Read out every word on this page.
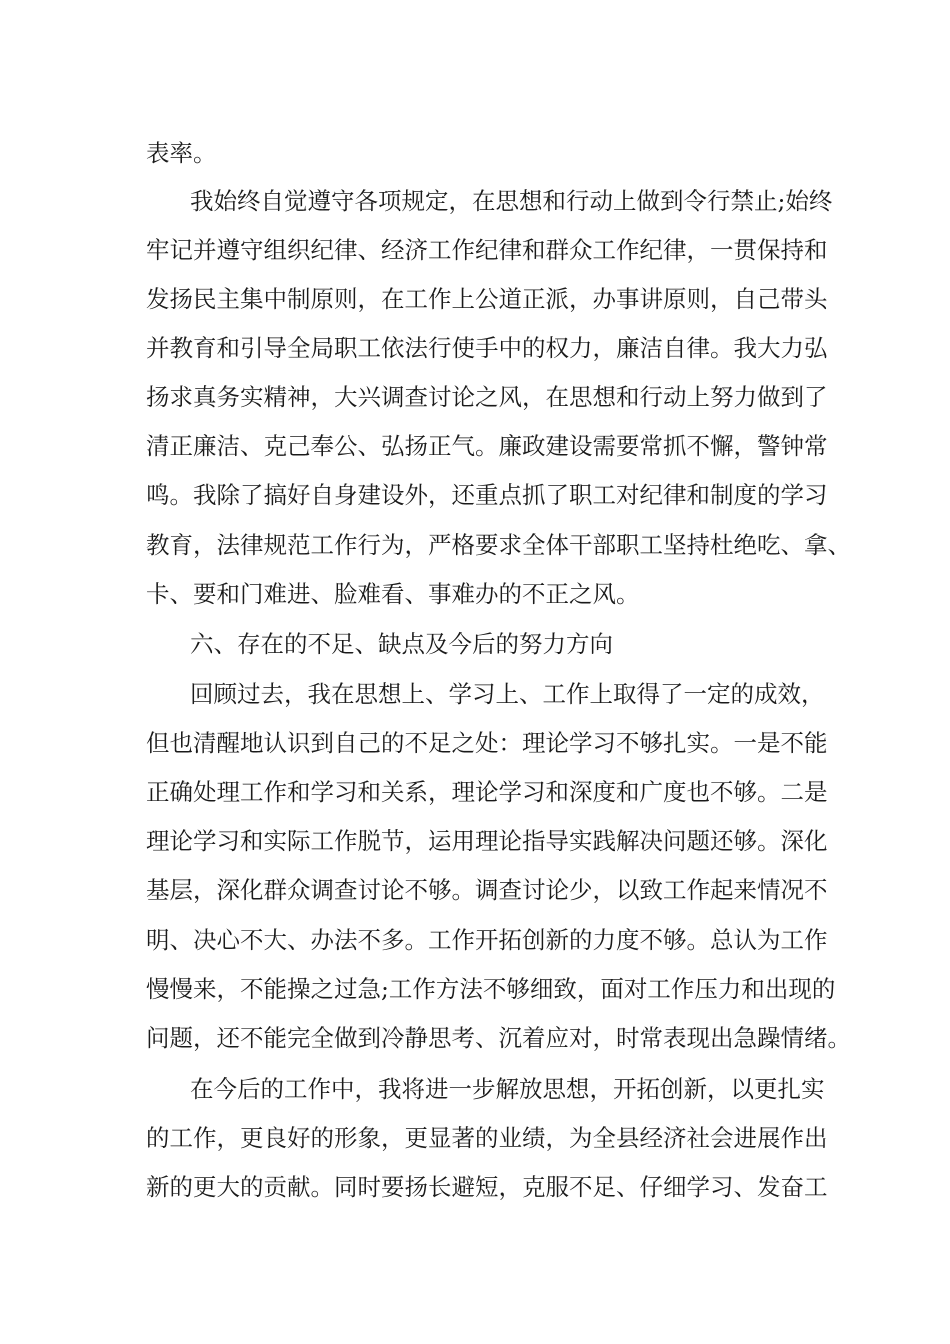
表率。
我始终自觉遵守各项规定，在思想和行动上做到令行禁止;始终
牢记并遵守组织纪律、经济工作纪律和群众工作纪律，一贯保持和
发扬民主集中制原则，在工作上公道正派，办事讲原则，自己带头
并教育和引导全局职工依法行使手中的权力，廉洁自律。我大力弘
扬求真务实精神，大兴调查讨论之风，在思想和行动上努力做到了
清正廉洁、克己奉公、弘扬正气。廉政建设需要常抓不懈，警钟常
鸣。我除了搞好自身建设外，还重点抓了职工对纪律和制度的学习
教育，法律规范工作行为，严格要求全体干部职工坚持杜绝吃、拿、
卡、要和门难进、脸难看、事难办的不正之风。
六、存在的不足、缺点及今后的努力方向
回顾过去，我在思想上、学习上、工作上取得了一定的成效，
但也清醒地认识到自己的不足之处：理论学习不够扎实。一是不能
正确处理工作和学习和关系，理论学习和深度和广度也不够。二是
理论学习和实际工作脱节，运用理论指导实践解决问题还够。深化
基层，深化群众调查讨论不够。调查讨论少，以致工作起来情况不
明、决心不大、办法不多。工作开拓创新的力度不够。总认为工作
慢慢来，不能操之过急;工作方法不够细致，面对工作压力和出现的
问题，还不能完全做到冷静思考、沉着应对，时常表现出急躁情绪。
在今后的工作中，我将进一步解放思想，开拓创新，以更扎实
的工作，更良好的形象，更显著的业绩，为全县经济社会进展作出
新的更大的贡献。同时要扬长避短，克服不足、仔细学习、发奋工
